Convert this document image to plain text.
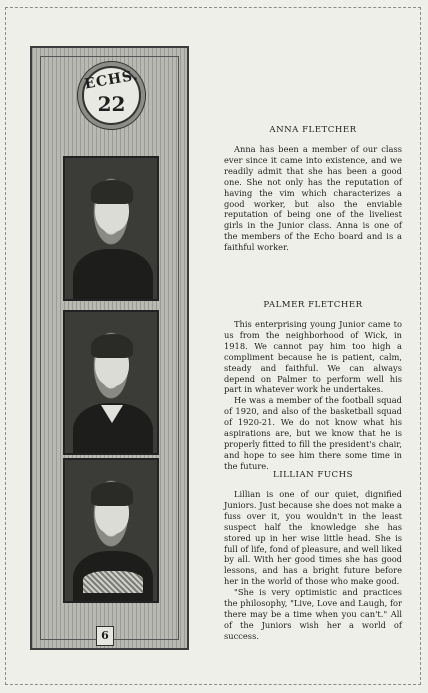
ECHS.
22
6
ANNA FLETCHER

Anna has been a member of our class ever since it came into existence, and we readily admit that she has been a good one. She not only has the reputation of having the vim which characterizes a good worker, but also the enviable reputation of being one of the liveliest girls in the Junior class. Anna is one of the members of the Echo board and is a faithful worker.

PALMER FLETCHER

This enterprising young Junior came to us from the neighborhood of Wick, in 1918. We cannot pay him too high a compliment because he is patient, calm, steady and faithful. We can always depend on Palmer to perform well his part in whatever work he undertakes.

He was a member of the football squad of 1920, and also of the basketball squad of 1920-21. We do not know what his aspirations are, but we know that he is properly fitted to fill the president's chair, and hope to see him there some time in the future.

LILLIAN FUCHS

Lillian is one of our quiet, dignified Juniors. Just because she does not make a fuss over it, you wouldn't in the least suspect half the knowledge she has stored up in her wise little head. She is full of life, fond of pleasure, and well liked by all. With her good times she has good lessons, and has a bright future before her in the world of those who make good.

"She is very optimistic and practices the philosophy, "Live, Love and Laugh, for there may be a time when you can't." All of the Juniors wish her a world of success.
